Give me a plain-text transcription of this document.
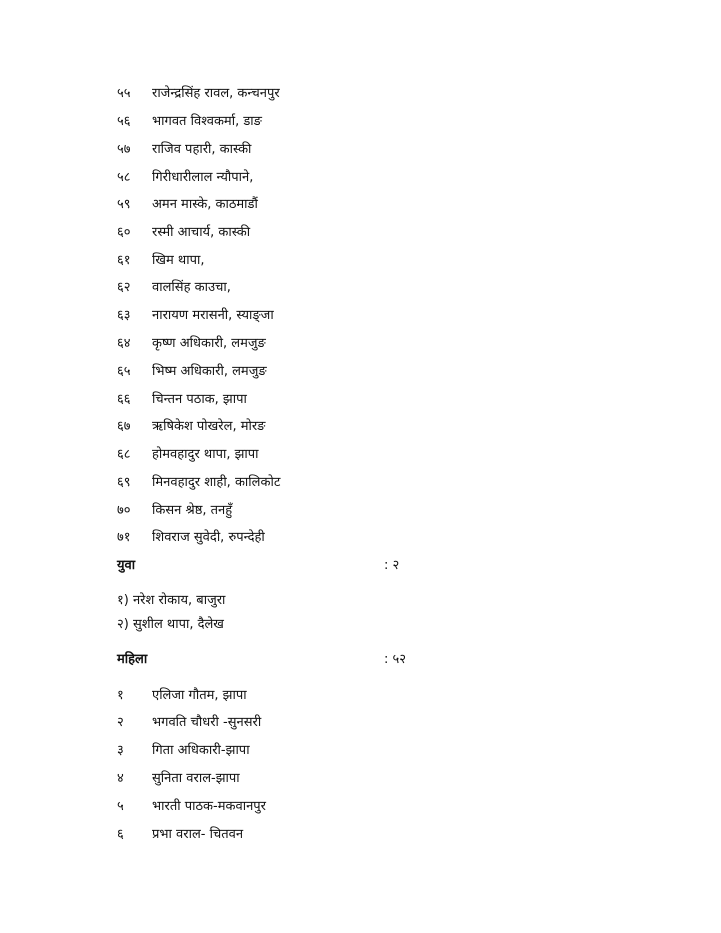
५५ राजेन्द्रसिंह रावल, कन्चनपुर
५६ भागवत विश्वकर्मा, डाङ
५७ राजिव पहारी, कास्की
५८ गिरीधारीलाल न्यौपाने,
५९ अमन मास्के, काठमाडौं
६० रस्मी आचार्य, कास्की
६१ खिम थापा,
६२ वालसिंह काउचा,
६३ नारायण मरासनी, स्याङ्जा
६४ कृष्ण अधिकारी, लमजुङ
६५ भिष्म अधिकारी, लमजुङ
६६ चिन्तन पठाक, झापा
६७ ऋषिकेश पोखरेल, मोरङ
६८ होमवहादुर थापा, झापा
६९ मिनवहादुर शाही, कालिकोट
७० किसन श्रेष्ठ, तनहुँ
७१ शिवराज सुवेदी, रुपन्देही
युवा	: २
१) नरेश रोकाय, बाजुरा
२) सुशील थापा, दैलेख
महिला	: ५२
१ एलिजा गौतम, झापा
२ भगवति चौधरी -सुनसरी
३ गिता अधिकारी-झापा
४ सुनिता वराल-झापा
५ भारती पाठक-मकवानपुर
६ प्रभा वराल- चितवन
